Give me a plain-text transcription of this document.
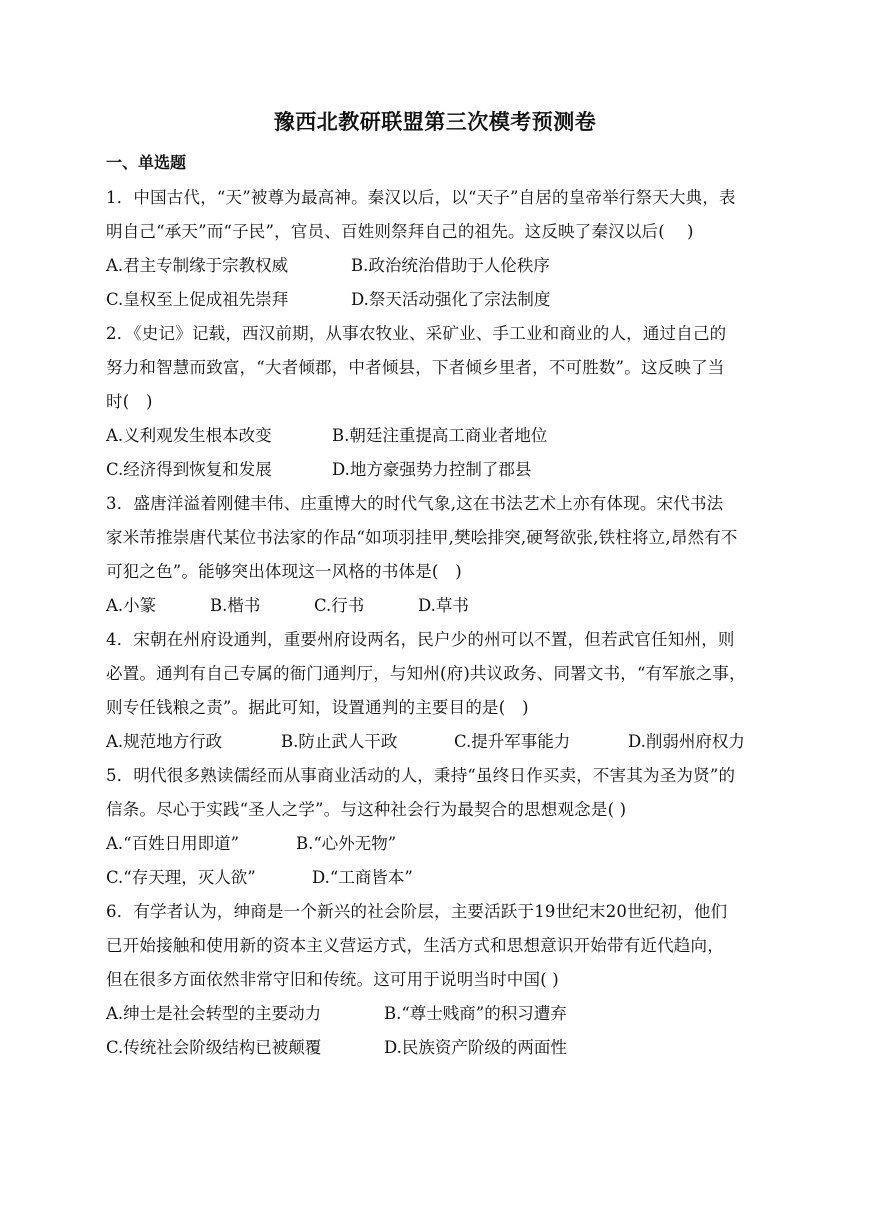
豫西北教研联盟第三次模考预测卷
一、单选题

1．中国古代，“天”被尊为最高神。秦汉以后，以“天子”自居的皇帝举行祭天大典，表

明自己“承天”而“子民”，官员、百姓则祭拜自己的祖先。这反映了秦汉以后(　 )

A.君主专制缘于宗教权威	B.政治统治借助于人伦秩序
C.皇权至上促成祖先崇拜	D.祭天活动强化了宗法制度

2．《史记》记载，西汉前期，从事农牧业、采矿业、手工业和商业的人，通过自己的

努力和智慧而致富，“大者倾郡，中者倾县，下者倾乡里者，不可胜数”。这反映了当

时(　)

A.义利观发生根本改变	B.朝廷注重提高工商业者地位
C.经济得到恢复和发展	D.地方豪强势力控制了郡县

3．盛唐洋溢着刚健丰伟、庄重博大的时代气象,这在书法艺术上亦有体现。宋代书法

家米芾推崇唐代某位书法家的作品“如项羽挂甲,樊哙排突,硬弩欲张,铁柱将立,昂然有不

可犯之色”。能够突出体现这一风格的书体是(　)

A.小篆	B.楷书	C.行书	D.草书

4．宋朝在州府设通判，重要州府设两名，民户少的州可以不置，但若武官任知州，则

必置。通判有自己专属的衙门通判厅，与知州(府)共议政务、同署文书，“有军旅之事，

则专任钱粮之责”。据此可知，设置通判的主要目的是(　)

A.规范地方行政	B.防止武人干政	C.提升军事能力	D.削弱州府权力

5．明代很多熟读儒经而从事商业活动的人，秉持“虽终日作买卖，不害其为圣为贤”的

信条。尽心于实践“圣人之学”。与这种社会行为最契合的思想观念是( )

A.“百姓日用即道”	B.“心外无物”
C.“存天理，灭人欲”	D.“工商皆本”

6．有学者认为，绅商是一个新兴的社会阶层，主要活跃于19世纪末20世纪初，他们

已开始接触和使用新的资本主义营运方式，生活方式和思想意识开始带有近代趋向，

但在很多方面依然非常守旧和传统。这可用于说明当时中国( )

A.绅士是社会转型的主要动力	B.“尊士贱商”的积习遭弃
C.传统社会阶级结构已被颠覆	D.民族资产阶级的两面性
